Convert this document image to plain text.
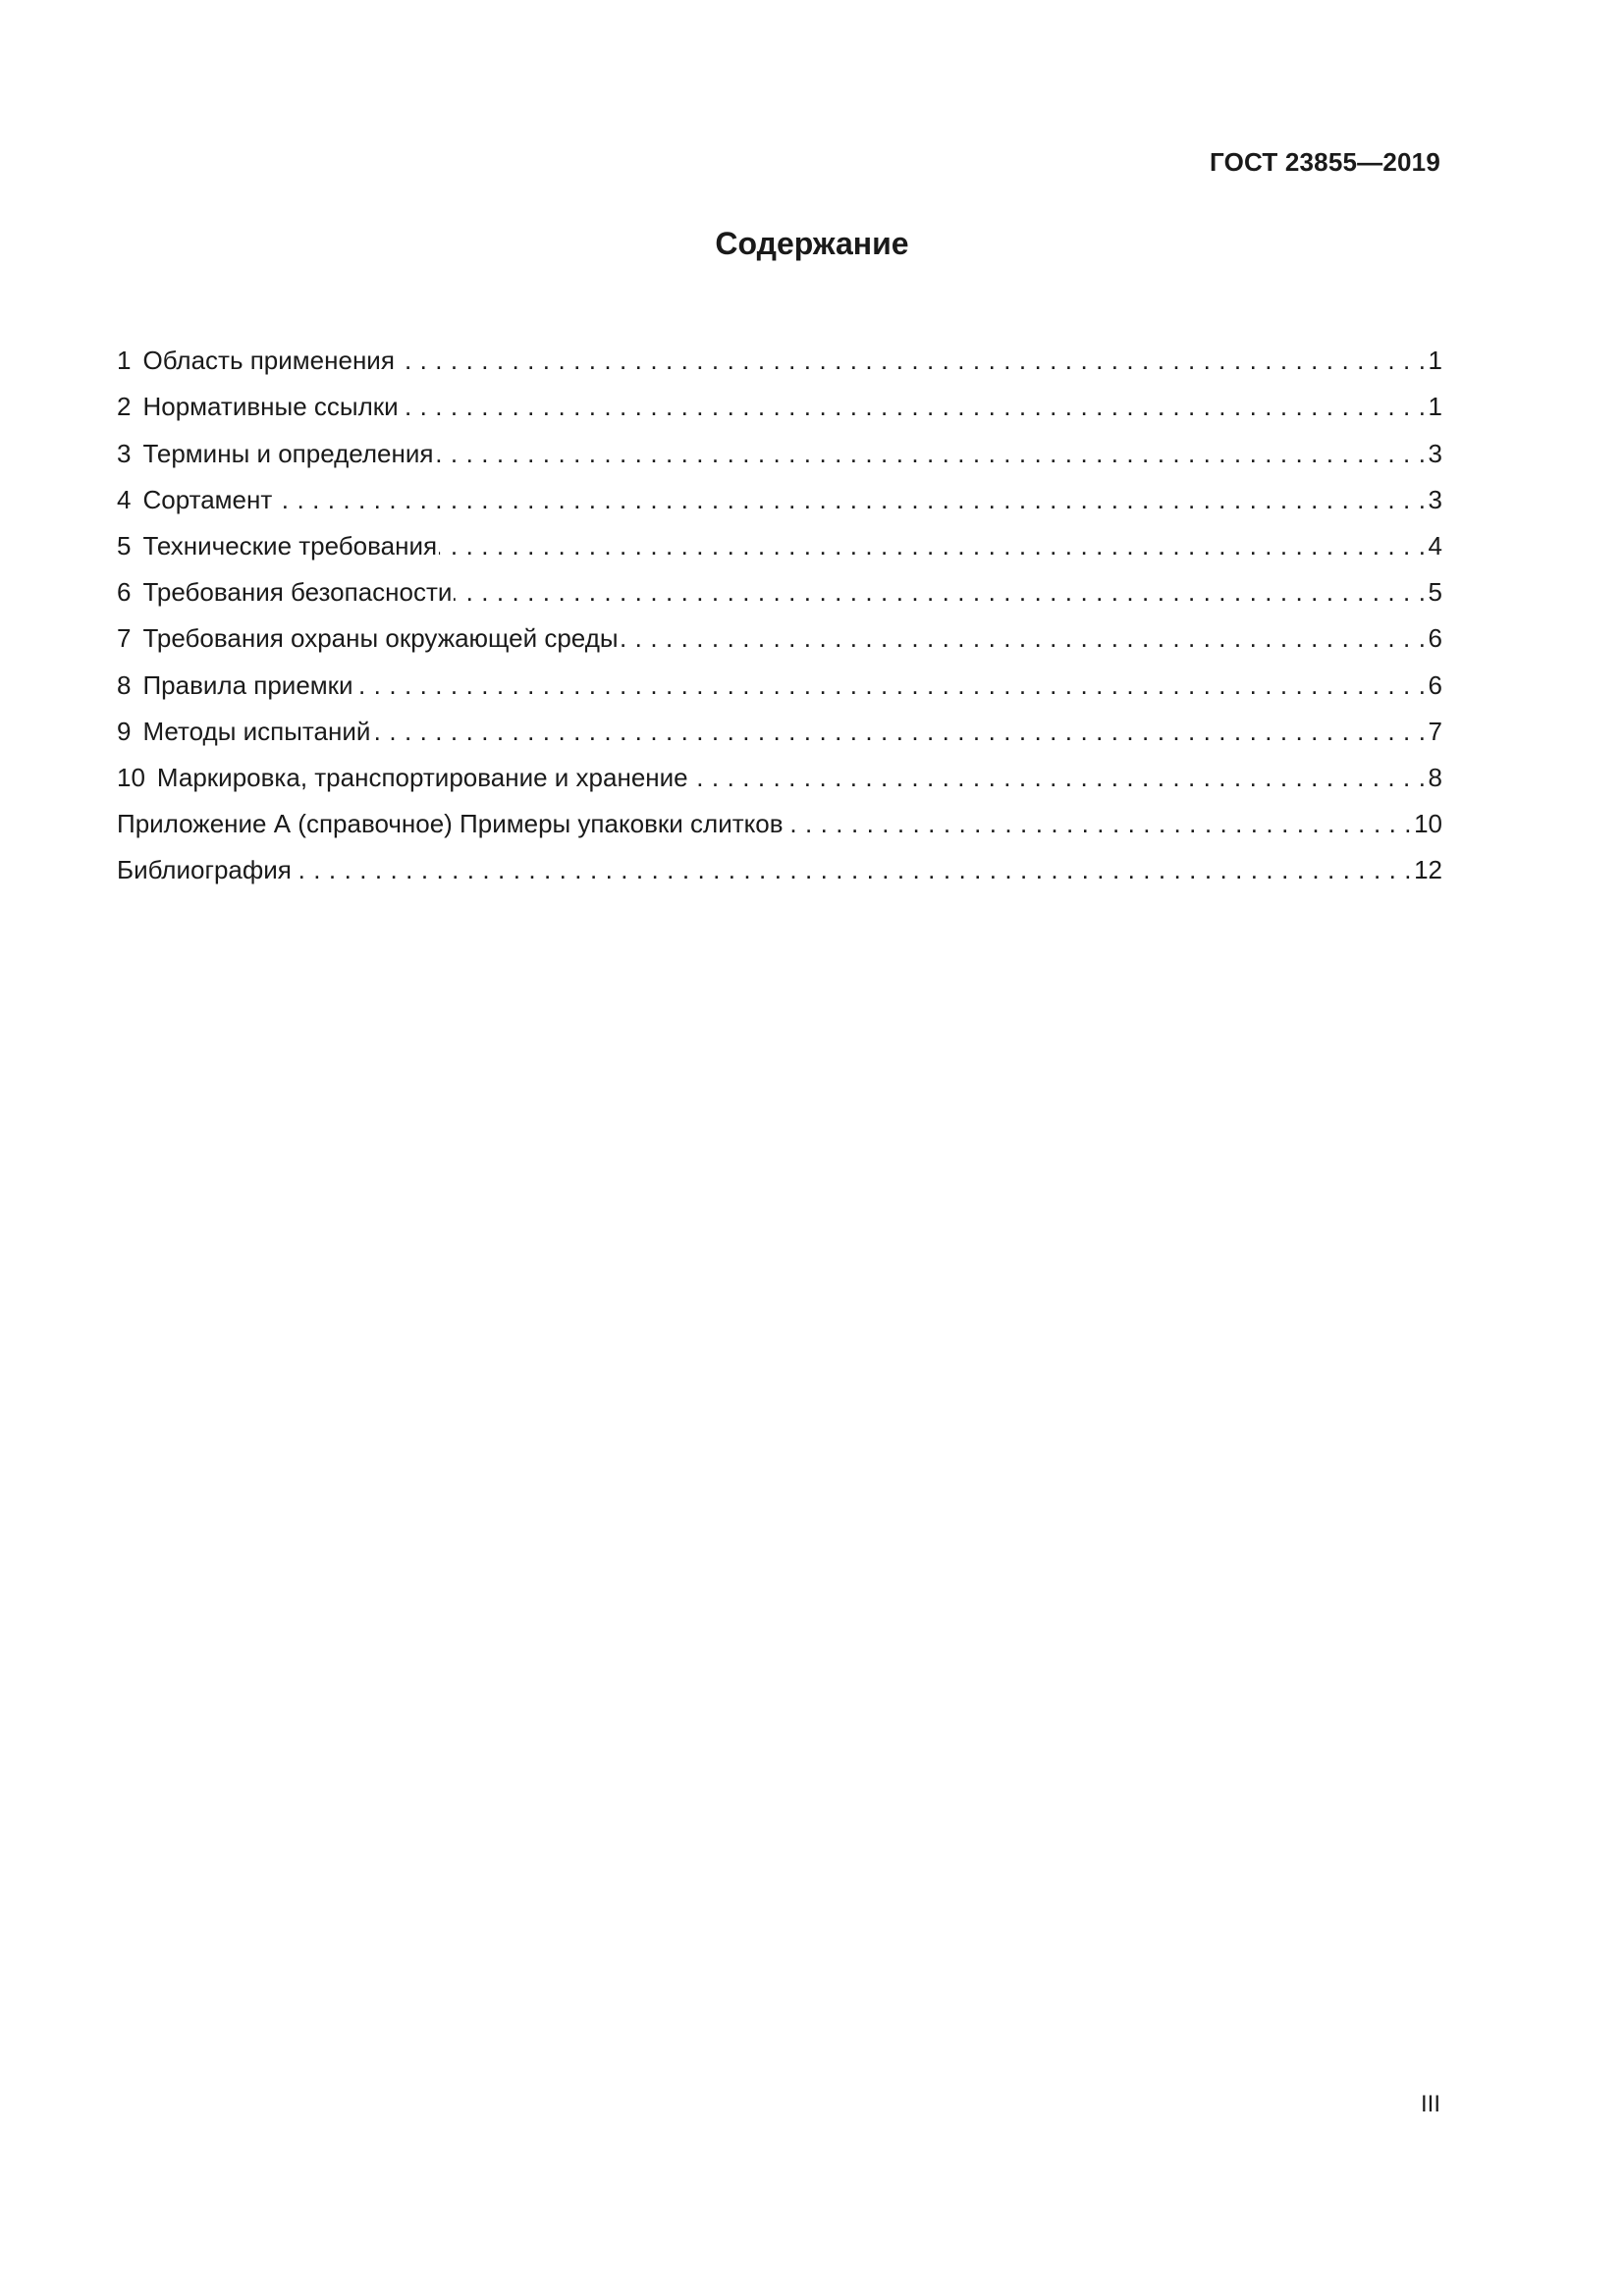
ГОСТ 23855—2019
Содержание
1 Область применения . . .	1
2 Нормативные ссылки . . .	1
3 Термины и определения . . .	3
4 Сортамент . . .	3
5 Технические требования . . .	4
6 Требования безопасности . . .	5
7 Требования охраны окружающей среды . . .	6
8 Правила приемки . . .	6
9 Методы испытаний . . .	7
10 Маркировка, транспортирование и хранение . . .	8
Приложение А (справочное) Примеры упаковки слитков . . .	10
Библиография . . .	12
III
